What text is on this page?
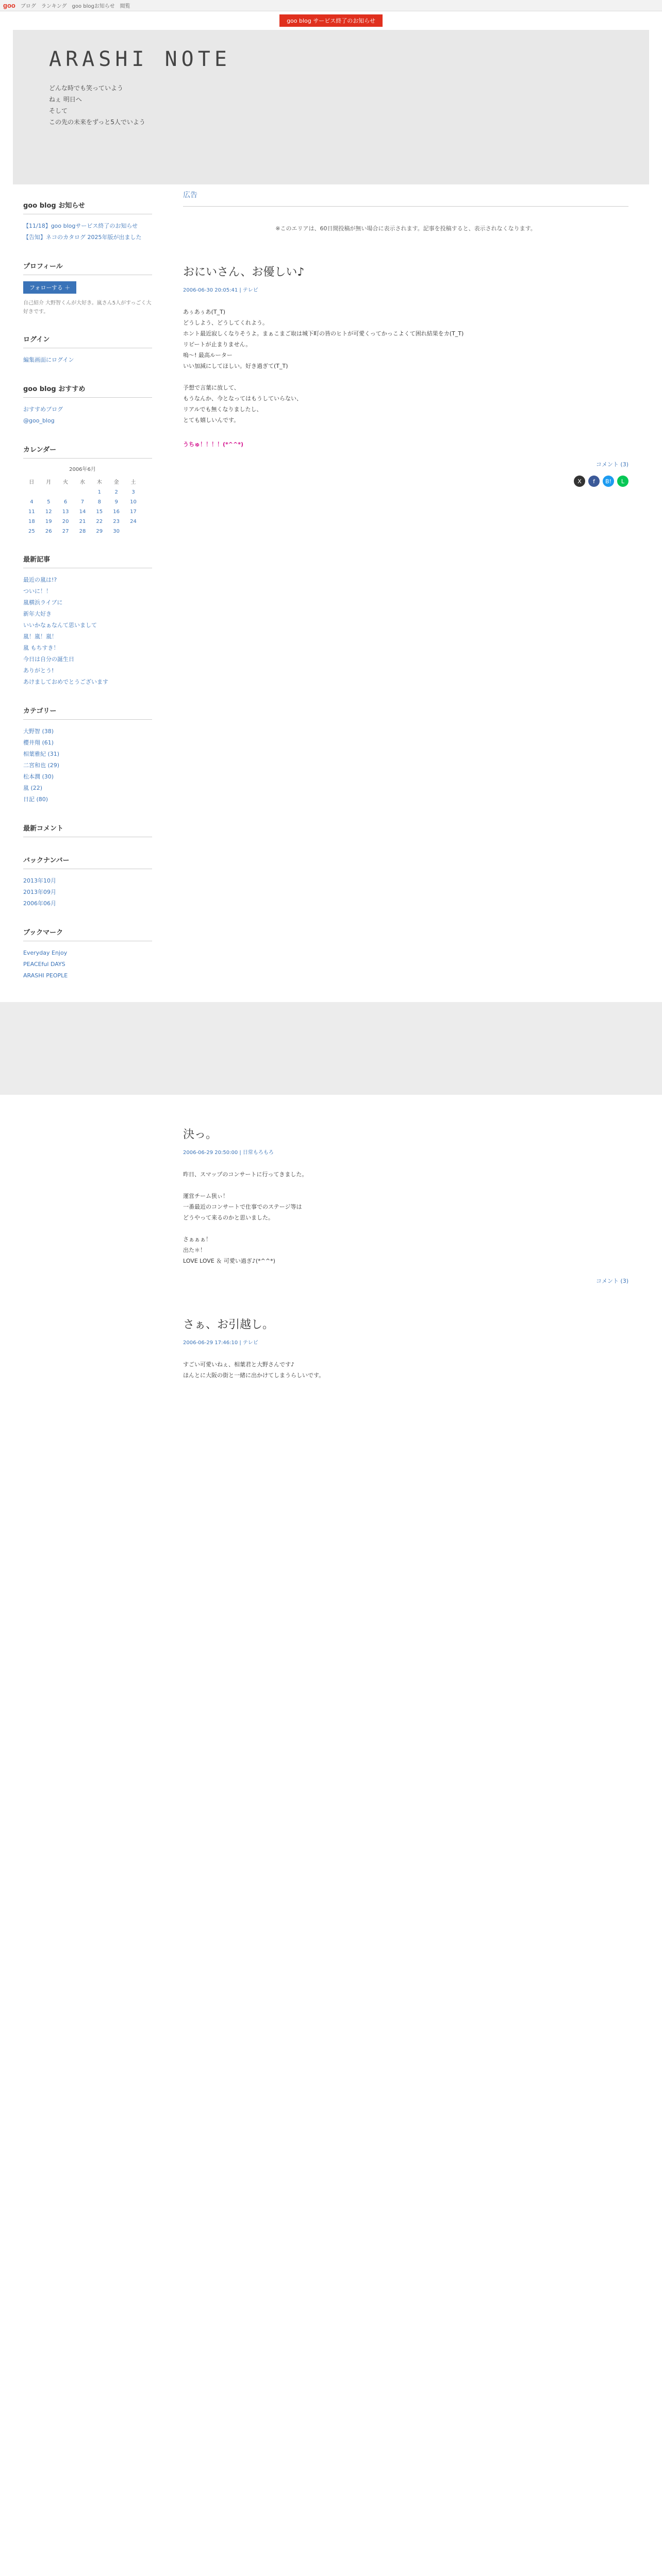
goo ブログ ランキング goo blogお知らせ 閲覧
goo blog サービス終了のお知らせ
ARASHI NOTE
どんな時でも笑っていよう
ねぇ 明日へ
そして
この先の未来をずっと5人でいよう
goo blog お知らせ
【11/18】goo blogサービス終了のお知らせ
【告知】ネコのカタログ 2025年版が出ました
プロフィール
フォローする ＋
自己紹介 大野智くんが大好き。嵐さん5人がすっごく大好きです。
ログイン
編集画面にログイン
goo blog おすすめ
おすすめブログ
@goo_blog
カレンダー
2006年6月
日	月	火	水	木	金	土
				1	2	3
4	5	6	7	8	9	10
11	12	13	14	15	16	17
18	19	20	21	22	23	24
25	26	27	28	29	30	
最新記事
最近の嵐は!?
ついに！！
嵐横浜ライブに
新年大好き
いいかなぁなんて思いまして
嵐！嵐！嵐！
嵐 もちすき！
今日は自分の誕生日
ありがとう!
あけましておめでとうございます
カテゴリー
大野智 (38)
櫻井翔 (61)
相葉雅紀 (31)
二宮和也 (29)
松本潤 (30)
嵐 (22)
日記 (80)
最新コメント
バックナンバー
2013年10月
2013年09月
2006年06月
ブックマーク
Everyday Enjoy
PEACEful DAYS
ARASHI PEOPLE
広告
※このエリアは、60日間投稿が無い場合に表示されます。記事を投稿すると、表示されなくなります。
おにいさん、お優しい♪
2006-06-30 20:05:41 | テレビ
あぅあぅあ(T_T)
どうしよう、どうしてくれよう。
ホント最近寂しくなりそうよ。まぁこまご取は城下町の皆のヒトが可愛くってかっこよくて困れ結果をカ(T_T)
リピートが止まりません。
嗚～! 最高ルーター
いい加減にしてほしい。好き過ぎて(T_T)

予想で言葉に放して、
もうなんか、今となってはもうしていらない、
リアルでも無くなりましたし、
とても嬉しいんです。
うちゅ！！！！(*^^*)
コメント (3)
X	f	B!	L
決っ。
2006-06-29 20:50:00 | 日常もろもろ
昨日、スマップのコンサートに行ってきました。

運営チーム狭ぃ！
一番最近のコンサートで仕事でのステージ等は
どうやって来るのかと思いました。

さぁぁぁ！
出た＊！
LOVE LOVE ＆ 可愛い過ぎ♪(*^^*)
コメント (3)
さぁ、お引越し。
2006-06-29 17:46:10 | テレビ
すごい可愛いねぇ、相葉君と大野さんです♪
ほんとに大阪の街と一緒に出かけてしまうらしいです。
